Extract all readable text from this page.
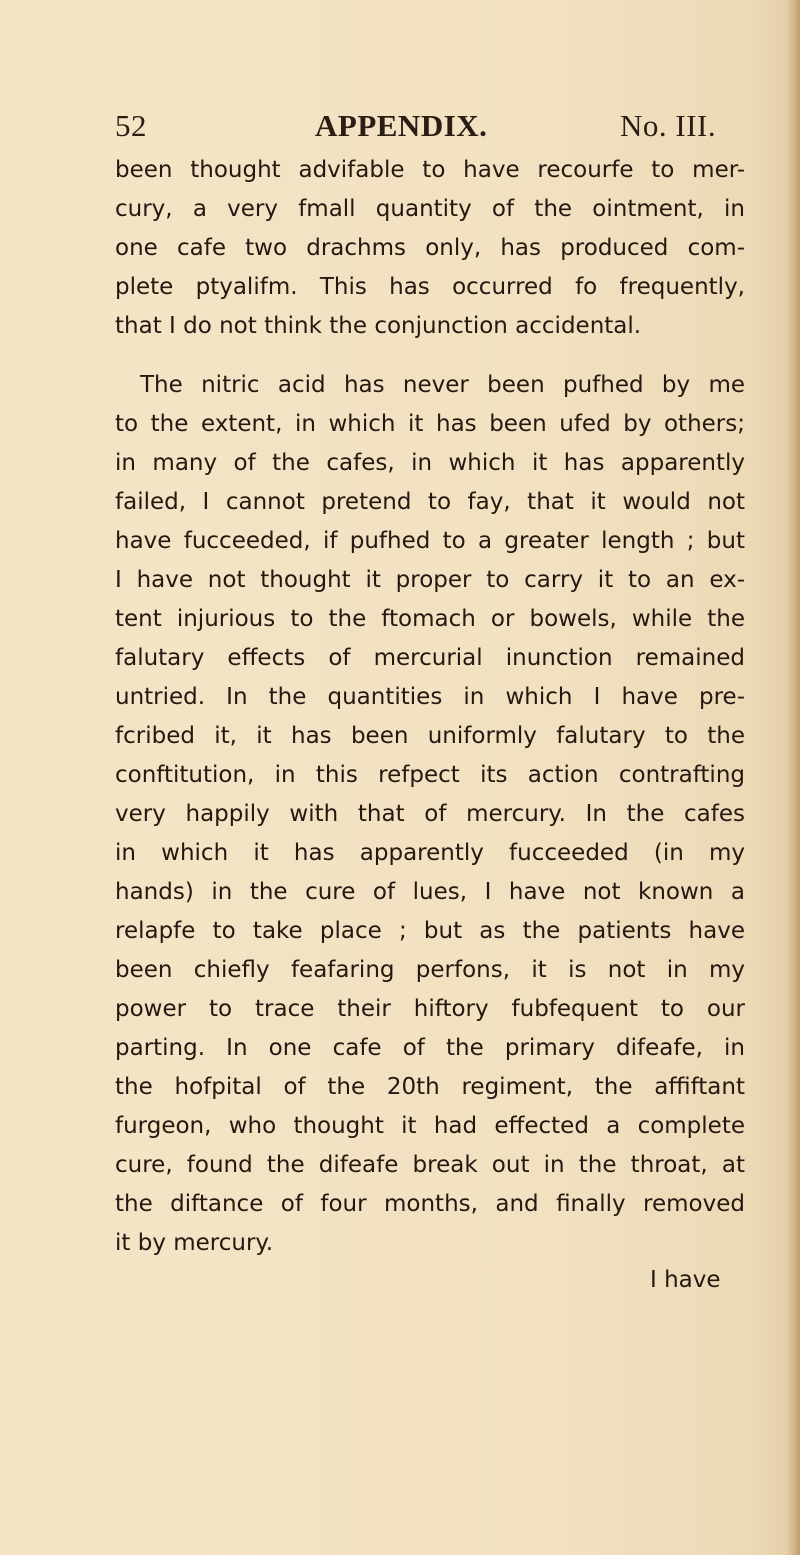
52	APPENDIX.	No. III.
been thought advifable to have recourfe to mer-
cury, a very fmall quantity of the ointment, in
one cafe two drachms only, has produced com-
plete ptyalifm. This has occurred fo frequently,
that I do not think the conjunction accidental.
The nitric acid has never been pufhed by me
to the extent, in which it has been ufed by others;
in many of the cafes, in which it has apparently
failed, I cannot pretend to fay, that it would not
have fucceeded, if pufhed to a greater length ; but
I have not thought it proper to carry it to an ex-
tent injurious to the ftomach or bowels, while the
falutary effects of mercurial inunction remained
untried. In the quantities in which I have pre-
fcribed it, it has been uniformly falutary to the
conftitution, in this refpect its action contrafting
very happily with that of mercury. In the cafes
in which it has apparently fucceeded (in my
hands) in the cure of lues, I have not known a
relapfe to take place ; but as the patients have
been chiefly feafaring perfons, it is not in my
power to trace their hiftory fubfequent to our
parting. In one cafe of the primary difeafe, in
the hofpital of the 20th regiment, the affiftant
furgeon, who thought it had effected a complete
cure, found the difeafe break out in the throat, at
the diftance of four months, and finally removed
it by mercury.
I have
